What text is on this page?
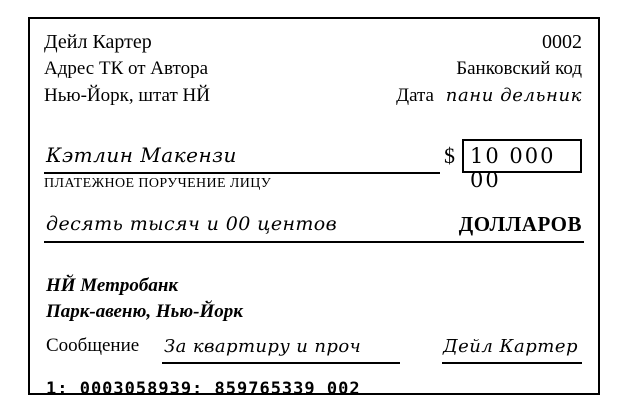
Дейл Картер	0002
Адрес ТК от Автора	Банковский код
Нью-Йорк, штат НЙ	Дата пани дельник
Кэтлин Макензи
ПЛАТЕЖНОЕ ПОРУЧЕНИЕ ЛИЦУ
$ 10 000 00
десять тысяч и 00 центов	ДОЛЛАРОВ
НЙ Метробанк
Парк-авеню, Нью-Йорк
Сообщение За квартиру и проч	Дейл Картер
1: 0003058939: 859765339 002
